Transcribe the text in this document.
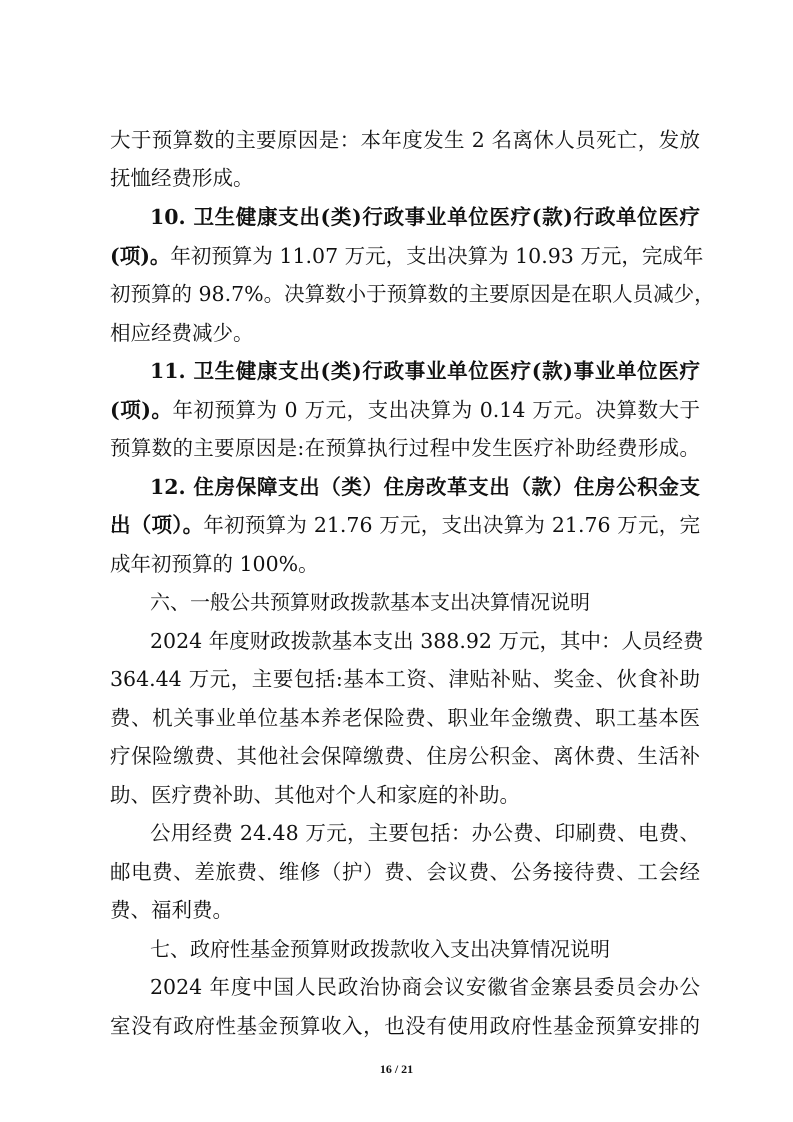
大于预算数的主要原因是：本年度发生 2 名离休人员死亡，发放
抚恤经费形成。
10. 卫生健康支出(类)行政事业单位医疗(款)行政单位医疗
(项)。年初预算为 11.07 万元，支出决算为 10.93 万元，完成年
初预算的 98.7%。决算数小于预算数的主要原因是在职人员减少，
相应经费减少。
11. 卫生健康支出(类)行政事业单位医疗(款)事业单位医疗
(项)。年初预算为 0 万元，支出决算为 0.14 万元。决算数大于
预算数的主要原因是:在预算执行过程中发生医疗补助经费形成。
12. 住房保障支出（类）住房改革支出（款）住房公积金支
出（项）。年初预算为 21.76 万元，支出决算为 21.76 万元，完
成年初预算的 100%。
六、一般公共预算财政拨款基本支出决算情况说明
2024 年度财政拨款基本支出 388.92 万元，其中：人员经费
364.44 万元，主要包括:基本工资、津贴补贴、奖金、伙食补助
费、机关事业单位基本养老保险费、职业年金缴费、职工基本医
疗保险缴费、其他社会保障缴费、住房公积金、离休费、生活补
助、医疗费补助、其他对个人和家庭的补助。
公用经费 24.48 万元，主要包括：办公费、印刷费、电费、
邮电费、差旅费、维修（护）费、会议费、公务接待费、工会经
费、福利费。
七、政府性基金预算财政拨款收入支出决算情况说明
2024 年度中国人民政治协商会议安徽省金寨县委员会办公
室没有政府性基金预算收入，也没有使用政府性基金预算安排的
16 / 21
